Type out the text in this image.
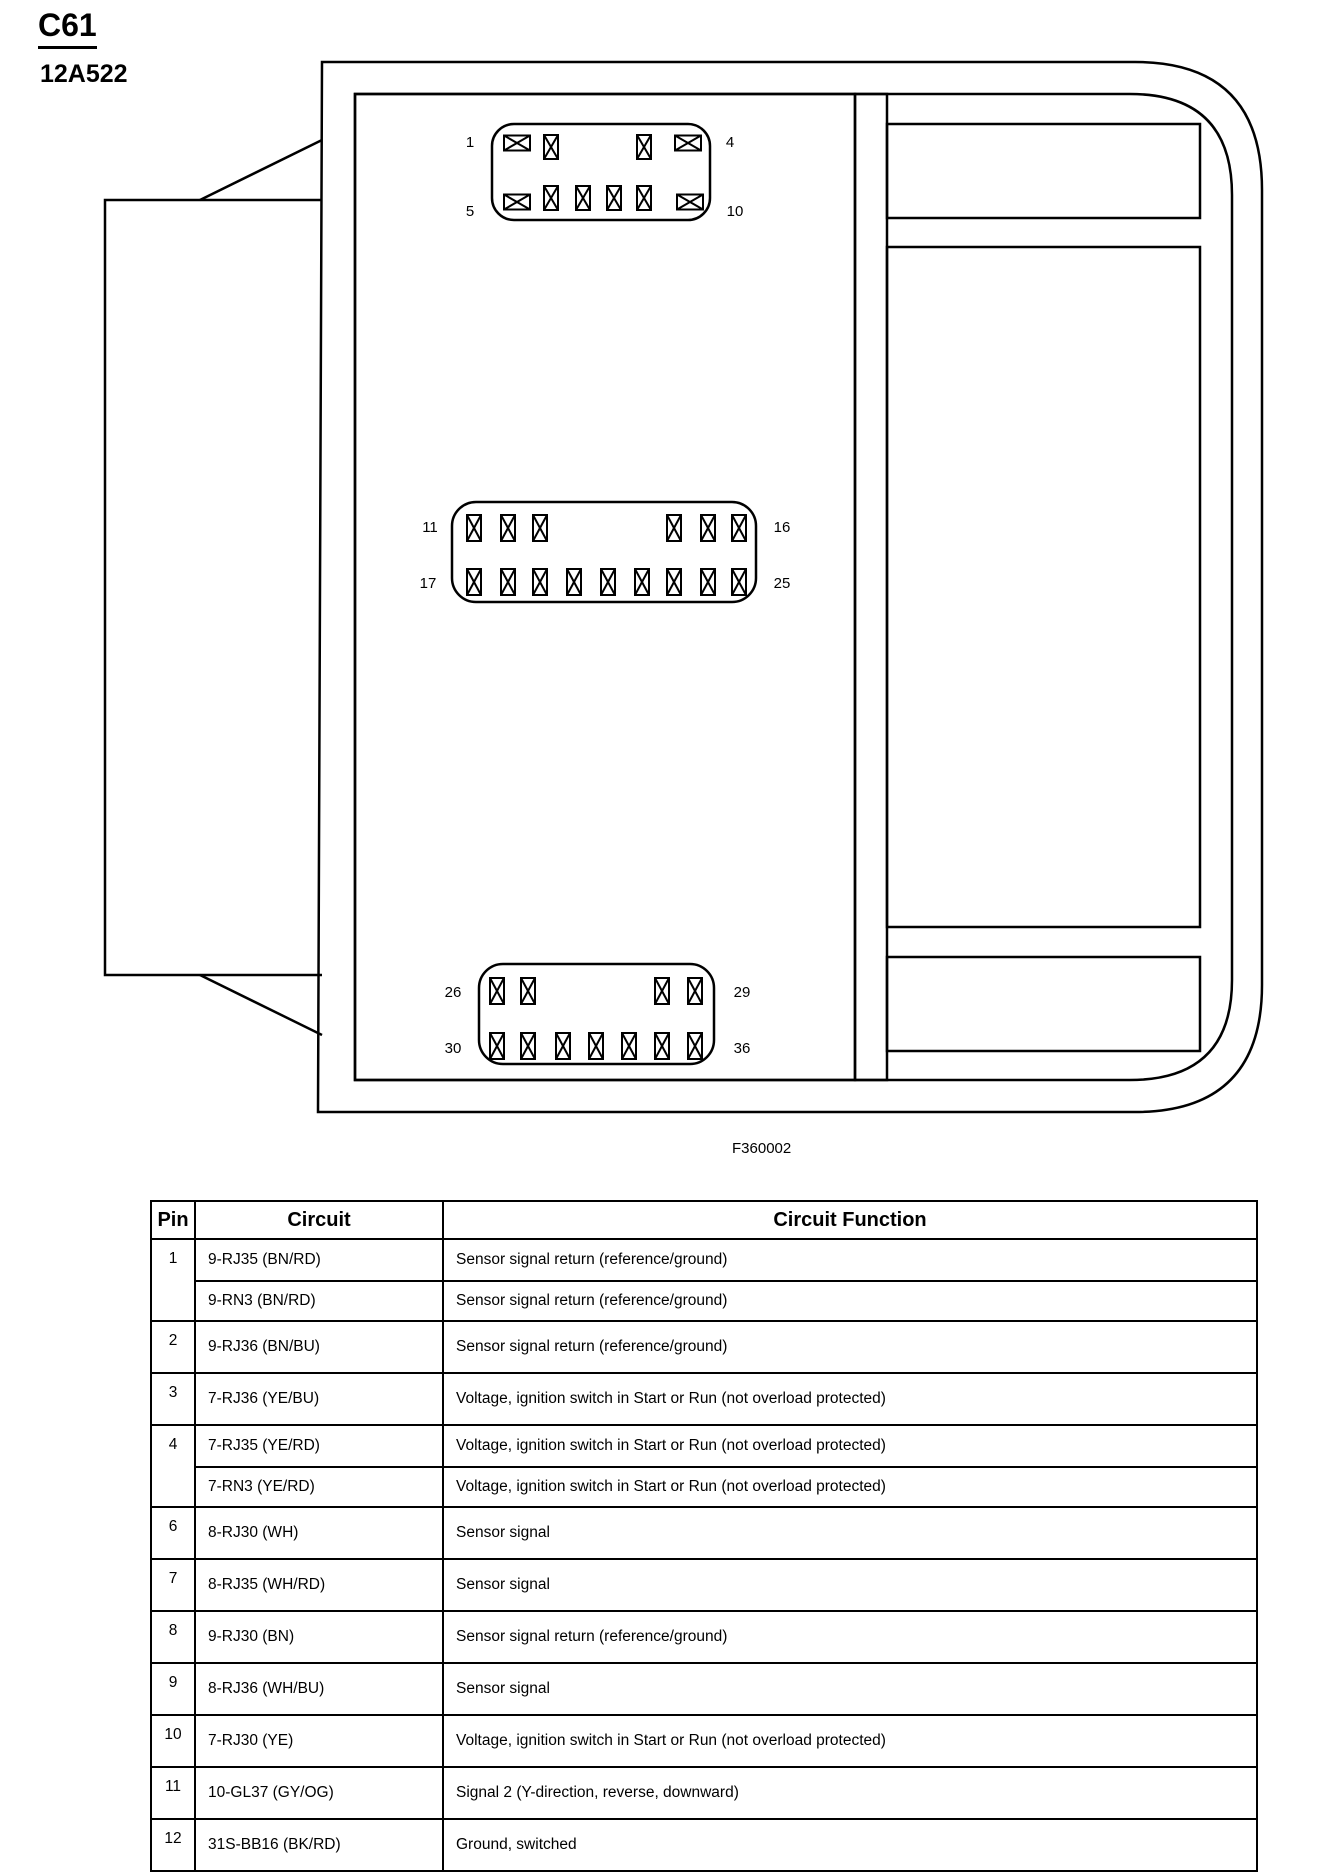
C61
12A522
1	4
5	10
11	16
17	25
26	29
30	36
F360002
Pin	Circuit	Circuit Function
1	9-RJ35 (BN/RD)	Sensor signal return (reference/ground)
	9-RN3 (BN/RD)	Sensor signal return (reference/ground)
2	9-RJ36 (BN/BU)	Sensor signal return (reference/ground)
3	7-RJ36 (YE/BU)	Voltage, ignition switch in Start or Run (not overload protected)
4	7-RJ35 (YE/RD)	Voltage, ignition switch in Start or Run (not overload protected)
	7-RN3 (YE/RD)	Voltage, ignition switch in Start or Run (not overload protected)
6	8-RJ30 (WH)	Sensor signal
7	8-RJ35 (WH/RD)	Sensor signal
8	9-RJ30 (BN)	Sensor signal return (reference/ground)
9	8-RJ36 (WH/BU)	Sensor signal
10	7-RJ30 (YE)	Voltage, ignition switch in Start or Run (not overload protected)
11	10-GL37 (GY/OG)	Signal 2 (Y-direction, reverse, downward)
12	31S-BB16 (BK/RD)	Ground, switched
